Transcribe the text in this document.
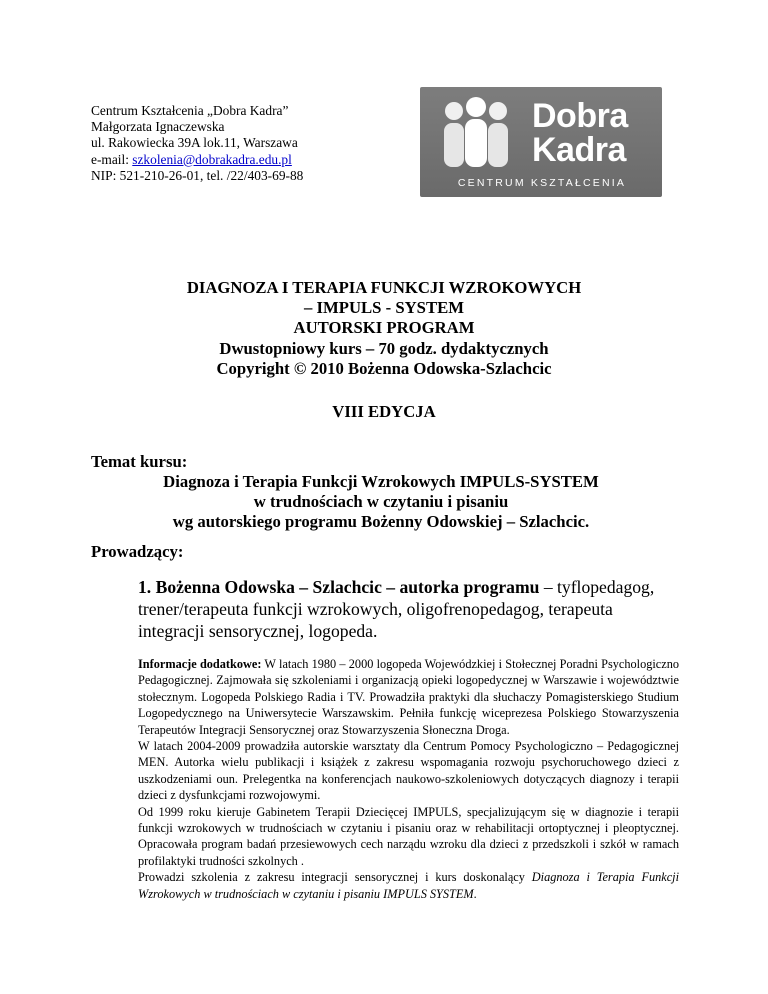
Centrum Kształcenia „Dobra Kadra”
Małgorzata Ignaczewska
ul. Rakowiecka 39A lok.11, Warszawa
e-mail: szkolenia@dobrakadra.edu.pl
NIP: 521-210-26-01, tel. /22/403-69-88
Dobra
Kadra
CENTRUM KSZTAŁCENIA
DIAGNOZA I TERAPIA FUNKCJI WZROKOWYCH
– IMPULS - SYSTEM
AUTORSKI PROGRAM
Dwustopniowy kurs – 70 godz. dydaktycznych
Copyright © 2010 Bożenna Odowska-Szlachcic
VIII EDYCJA
Temat kursu:
Diagnoza i Terapia Funkcji Wzrokowych IMPULS-SYSTEM
w trudnościach w czytaniu i pisaniu
wg autorskiego programu Bożenny Odowskiej – Szlachcic.
Prowadzący:
1. Bożenna Odowska – Szlachcic – autorka programu – tyflopedagog, trener/terapeuta funkcji wzrokowych, oligofrenopedagog, terapeuta integracji sensorycznej, logopeda.

Informacje dodatkowe: W latach 1980 – 2000 logopeda Wojewódzkiej i Stołecznej Poradni Psychologiczno Pedagogicznej. Zajmowała się szkoleniami i organizacją opieki logopedycznej w Warszawie i województwie stołecznym. Logopeda Polskiego Radia i TV. Prowadziła praktyki dla słuchaczy Pomagisterskiego Studium Logopedycznego na Uniwersytecie Warszawskim. Pełniła funkcję wiceprezesa Polskiego Stowarzyszenia Terapeutów Integracji Sensorycznej oraz Stowarzyszenia Słoneczna Droga.

W latach 2004-2009 prowadziła autorskie warsztaty dla Centrum Pomocy Psychologiczno – Pedagogicznej MEN. Autorka wielu publikacji i książek z zakresu wspomagania rozwoju psychoruchowego dzieci z uszkodzeniami oun. Prelegentka na konferencjach naukowo-szkoleniowych dotyczących diagnozy i terapii dzieci z dysfunkcjami rozwojowymi.

Od 1999 roku kieruje Gabinetem Terapii Dziecięcej IMPULS, specjalizującym się w diagnozie i terapii funkcji wzrokowych w trudnościach w czytaniu i pisaniu oraz w rehabilitacji ortoptycznej i pleoptycznej. Opracowała program badań przesiewowych cech narządu wzroku dla dzieci z przedszkoli i szkół w ramach profilaktyki trudności szkolnych .

Prowadzi szkolenia z zakresu integracji sensorycznej i kurs doskonalący Diagnoza i Terapia Funkcji Wzrokowych w trudnościach w czytaniu i pisaniu IMPULS SYSTEM.
